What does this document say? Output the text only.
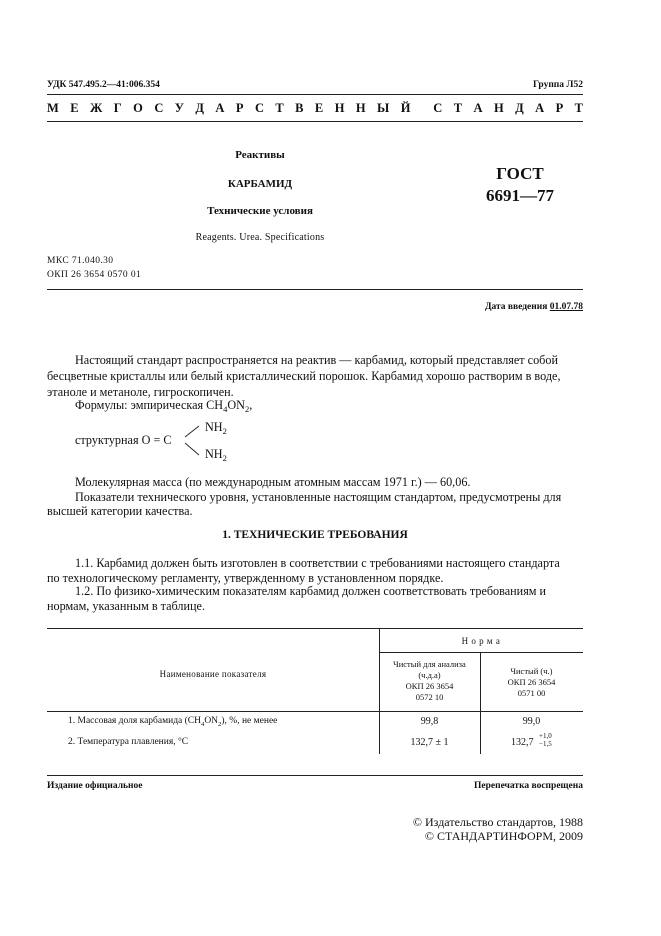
УДК 547.495.2—41:006.354	Группа Л52
М Е Ж Г О С У Д А Р С Т В Е Н Н Ы Й С Т А Н Д А Р Т
Реактивы
КАРБАМИД
Технические условия
Reagents. Urea. Specifications
ГОСТ
6691—77
МКС 71.040.30
ОКП 26 3654 0570 01
Дата введения 01.07.78
Настоящий стандарт распространяется на реактив — карбамид, который представляет собой
бесцветные кристаллы или белый кристаллический порошок. Карбамид хорошо растворим в воде,
этаноле и метаноле, гигроскопичен.
Формулы: эмпирическая $CH_4ON_2$,
структурная O = C
$NH_2$
$NH_2$
Молекулярная масса (по международным атомным массам 1971 г.) — 60,06.
Показатели технического уровня, установленные настоящим стандартом, предусмотрены для
высшей категории качества.
1. ТЕХНИЧЕСКИЕ ТРЕБОВАНИЯ
1.1. Карбамид должен быть изготовлен в соответствии с требованиями настоящего стандарта
по технологическому регламенту, утвержденному в установленном порядке.
1.2. По физико-химическим показателям карбамид должен соответствовать требованиям и
нормам, указанным в таблице.
Наименование показателя
Н о р м а
Чистый для анализа
(ч.д.а)
ОКП 26 3654
0572 10
Чистый (ч.)
ОКП 26 3654
0571 00
1. Массовая доля карбамида $(CH_4ON_2)$, %, не менее	99,8	99,0
2. Температура плавления, °C	132,7 ± 1	132,7
+1,0
−1,5
Издание официальное	Перепечатка воспрещена
© Издательство стандартов, 1988
© СТАНДАРТИНФОРМ, 2009
